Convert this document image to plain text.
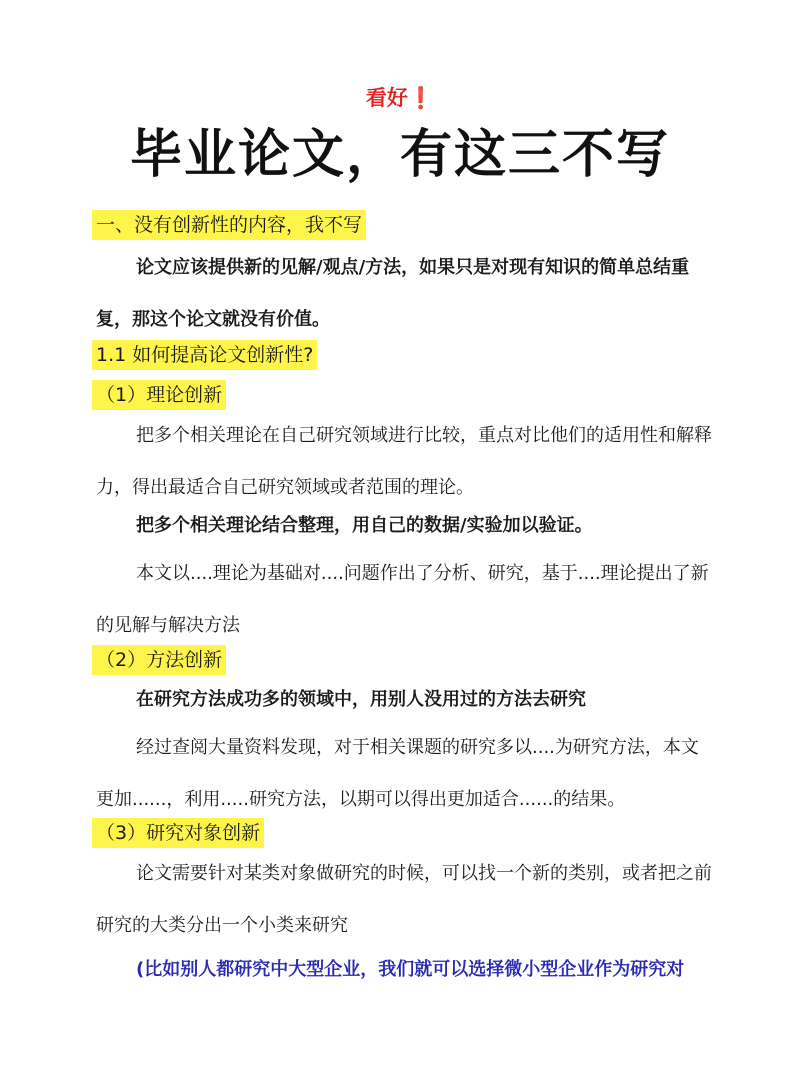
看好❗
毕业论文，有这三不写
一、没有创新性的内容，我不写
论文应该提供新的见解/观点/方法，如果只是对现有知识的简单总结重复，那这个论文就没有价值。
1.1 如何提高论文创新性?
（1）理论创新
把多个相关理论在自己研究领域进行比较，重点对比他们的适用性和解释力，得出最适合自己研究领域或者范围的理论。
把多个相关理论结合整理，用自己的数据/实验加以验证。
本文以....理论为基础对....问题作出了分析、研究，基于....理论提出了新的见解与解决方法
（2）方法创新
在研究方法成功多的领域中，用别人没用过的方法去研究
经过查阅大量资料发现，对于相关课题的研究多以....为研究方法，本文更加......，利用.....研究方法，以期可以得出更加适合......的结果。
（3）研究对象创新
论文需要针对某类对象做研究的时候，可以找一个新的类别，或者把之前研究的大类分出一个小类来研究
(比如别人都研究中大型企业，我们就可以选择微小型企业作为研究对
